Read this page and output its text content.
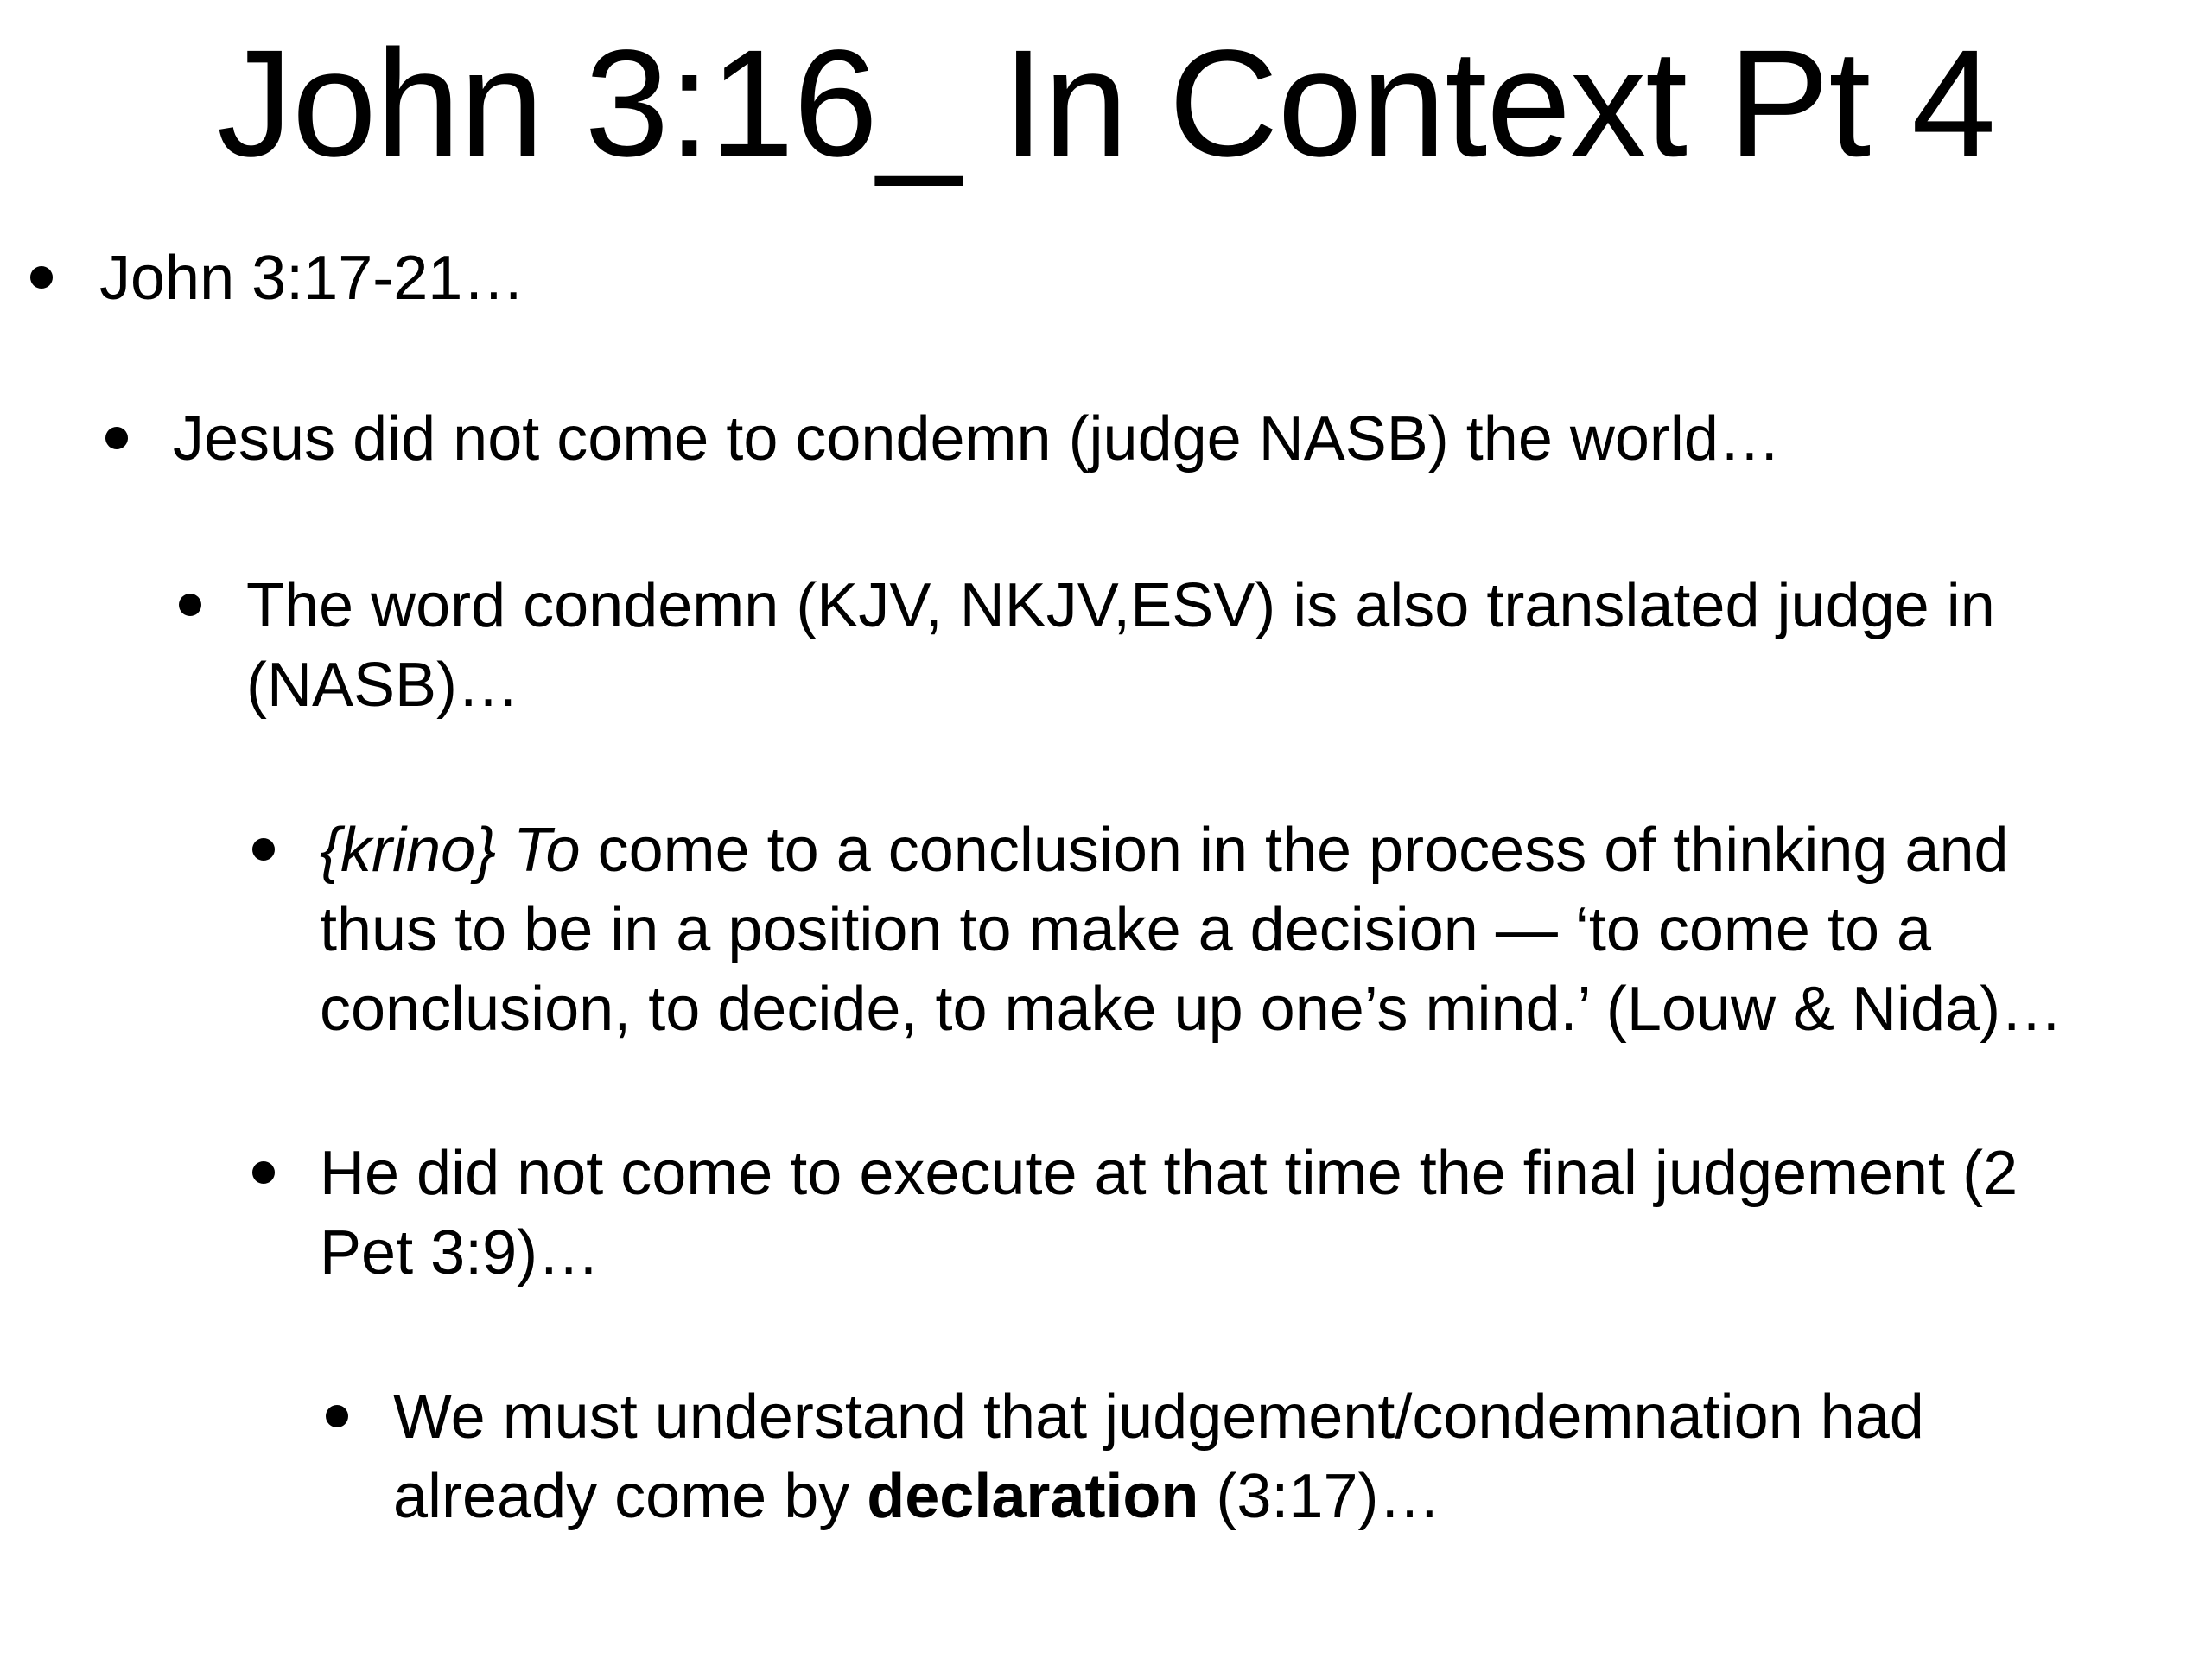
John 3:16_ In Context Pt 4
John 3:17-21…
Jesus did not come to condemn (judge NASB) the world…
The word condemn (KJV, NKJV,ESV) is also translated judge in
(NASB)…
{krino} To come to a conclusion in the process of thinking and
thus to be in a position to make a decision — ‘to come to a
conclusion, to decide, to make up one’s mind.’ (Louw & Nida)…
He did not come to execute at that time the final judgement (2
Pet 3:9)…
We must understand that judgement/condemnation had
already come by declaration (3:17)…
